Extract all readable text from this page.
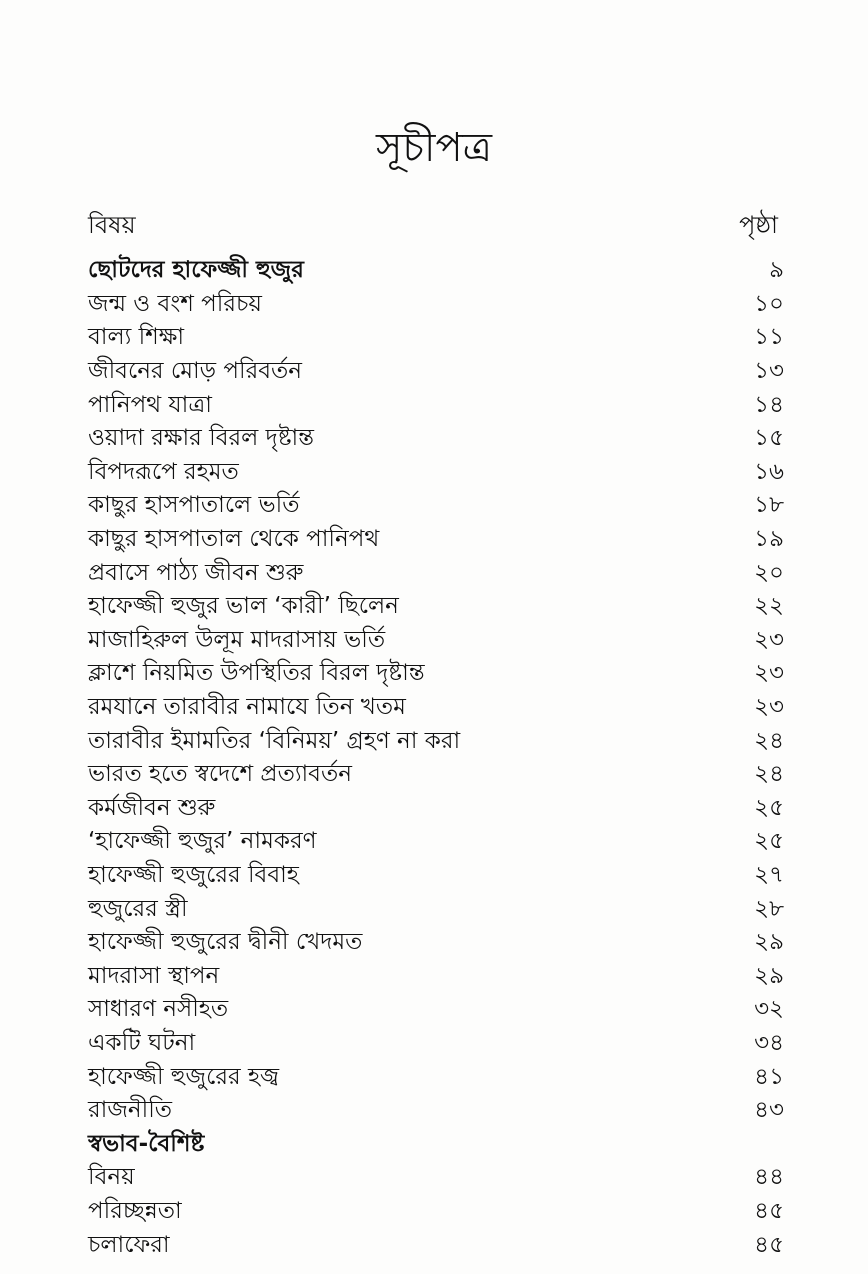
সূচীপত্র
বিষয়	পৃষ্ঠা
ছোটদের হাফেজ্জী হুজুর	৯
জন্ম ও বংশ পরিচয়	১০
বাল্য শিক্ষা	১১
জীবনের মোড় পরিবর্তন	১৩
পানিপথ যাত্রা	১৪
ওয়াদা রক্ষার বিরল দৃষ্টান্ত	১৫
বিপদরূপে রহমত	১৬
কাছুর হাসপাতালে ভর্তি	১৮
কাছুর হাসপাতাল থেকে পানিপথ	১৯
প্রবাসে পাঠ্য জীবন শুরু	২০
হাফেজ্জী হুজুর ভাল ‘কারী’ ছিলেন	২২
মাজাহিরুল উলূম মাদরাসায় ভর্তি	২৩
ক্লাশে নিয়মিত উপস্থিতির বিরল দৃষ্টান্ত	২৩
রমযানে তারাবীর নামাযে তিন খতম	২৩
তারাবীর ইমামতির ‘বিনিময়’ গ্রহণ না করা	২৪
ভারত হতে স্বদেশে প্রত্যাবর্তন	২৪
কর্মজীবন শুরু	২৫
‘হাফেজ্জী হুজুর’ নামকরণ	২৫
হাফেজ্জী হুজুরের বিবাহ	২৭
হুজুরের স্ত্রী	২৮
হাফেজ্জী হুজুরের দ্বীনী খেদমত	২৯
মাদরাসা স্থাপন	২৯
সাধারণ নসীহত	৩২
একটি ঘটনা	৩৪
হাফেজ্জী হুজুরের হজ্ব	৪১
রাজনীতি	৪৩
স্বভাব-বৈশিষ্ট
বিনয়	৪৪
পরিচ্ছন্নতা	৪৫
চলাফেরা	৪৫
